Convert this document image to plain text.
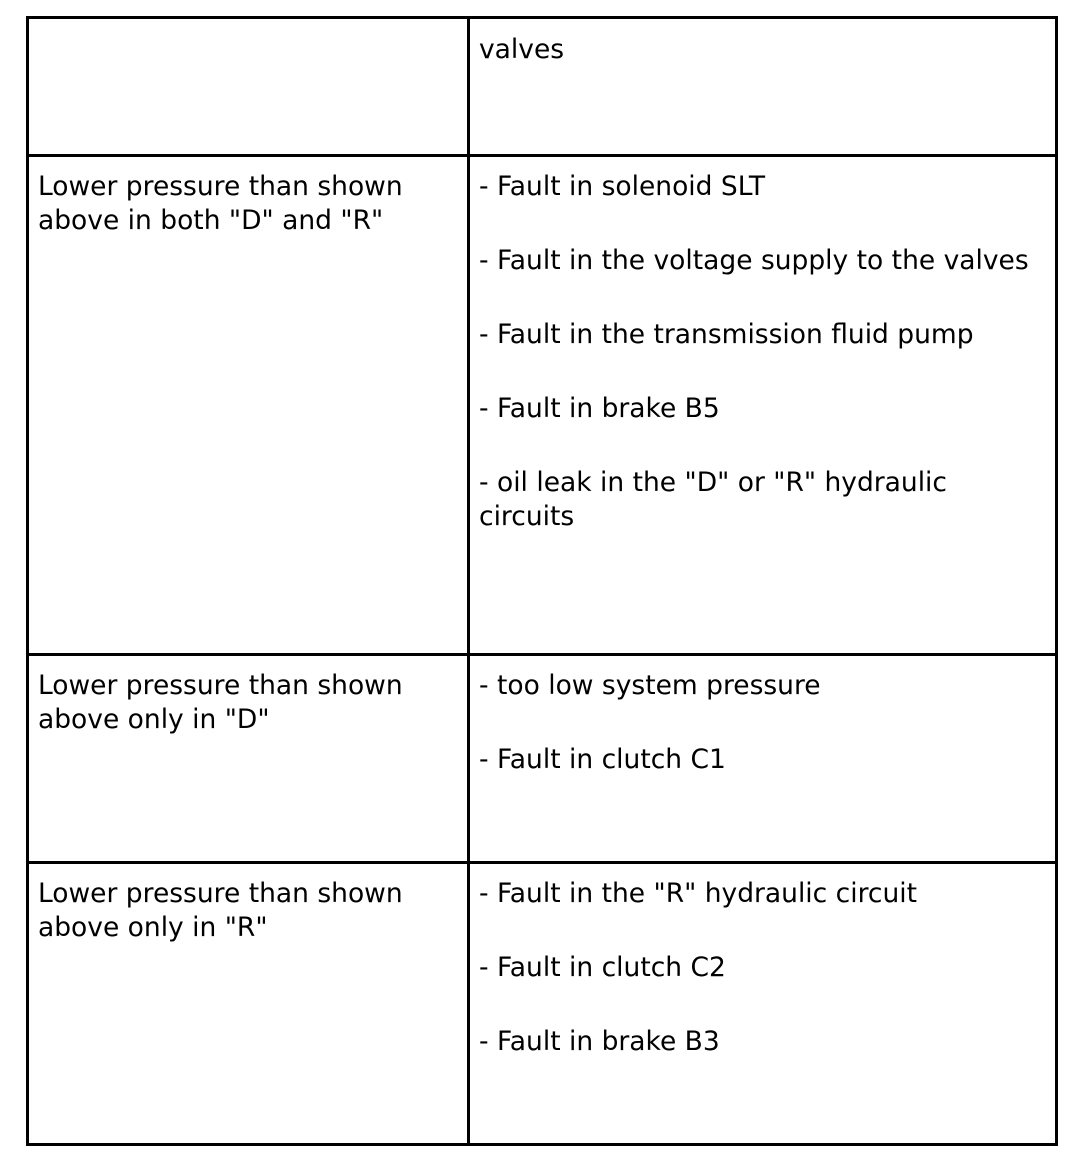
	valves

Lower pressure than shown above in both "D" and "R"	- Fault in solenoid SLT
- Fault in the voltage supply to the valves
- Fault in the transmission fluid pump
- Fault in brake B5
- oil leak in the "D" or "R" hydraulic circuits

Lower pressure than shown above only in "D"	- too low system pressure
- Fault in clutch C1

Lower pressure than shown above only in "R"	- Fault in the "R" hydraulic circuit
- Fault in clutch C2
- Fault in brake B3
